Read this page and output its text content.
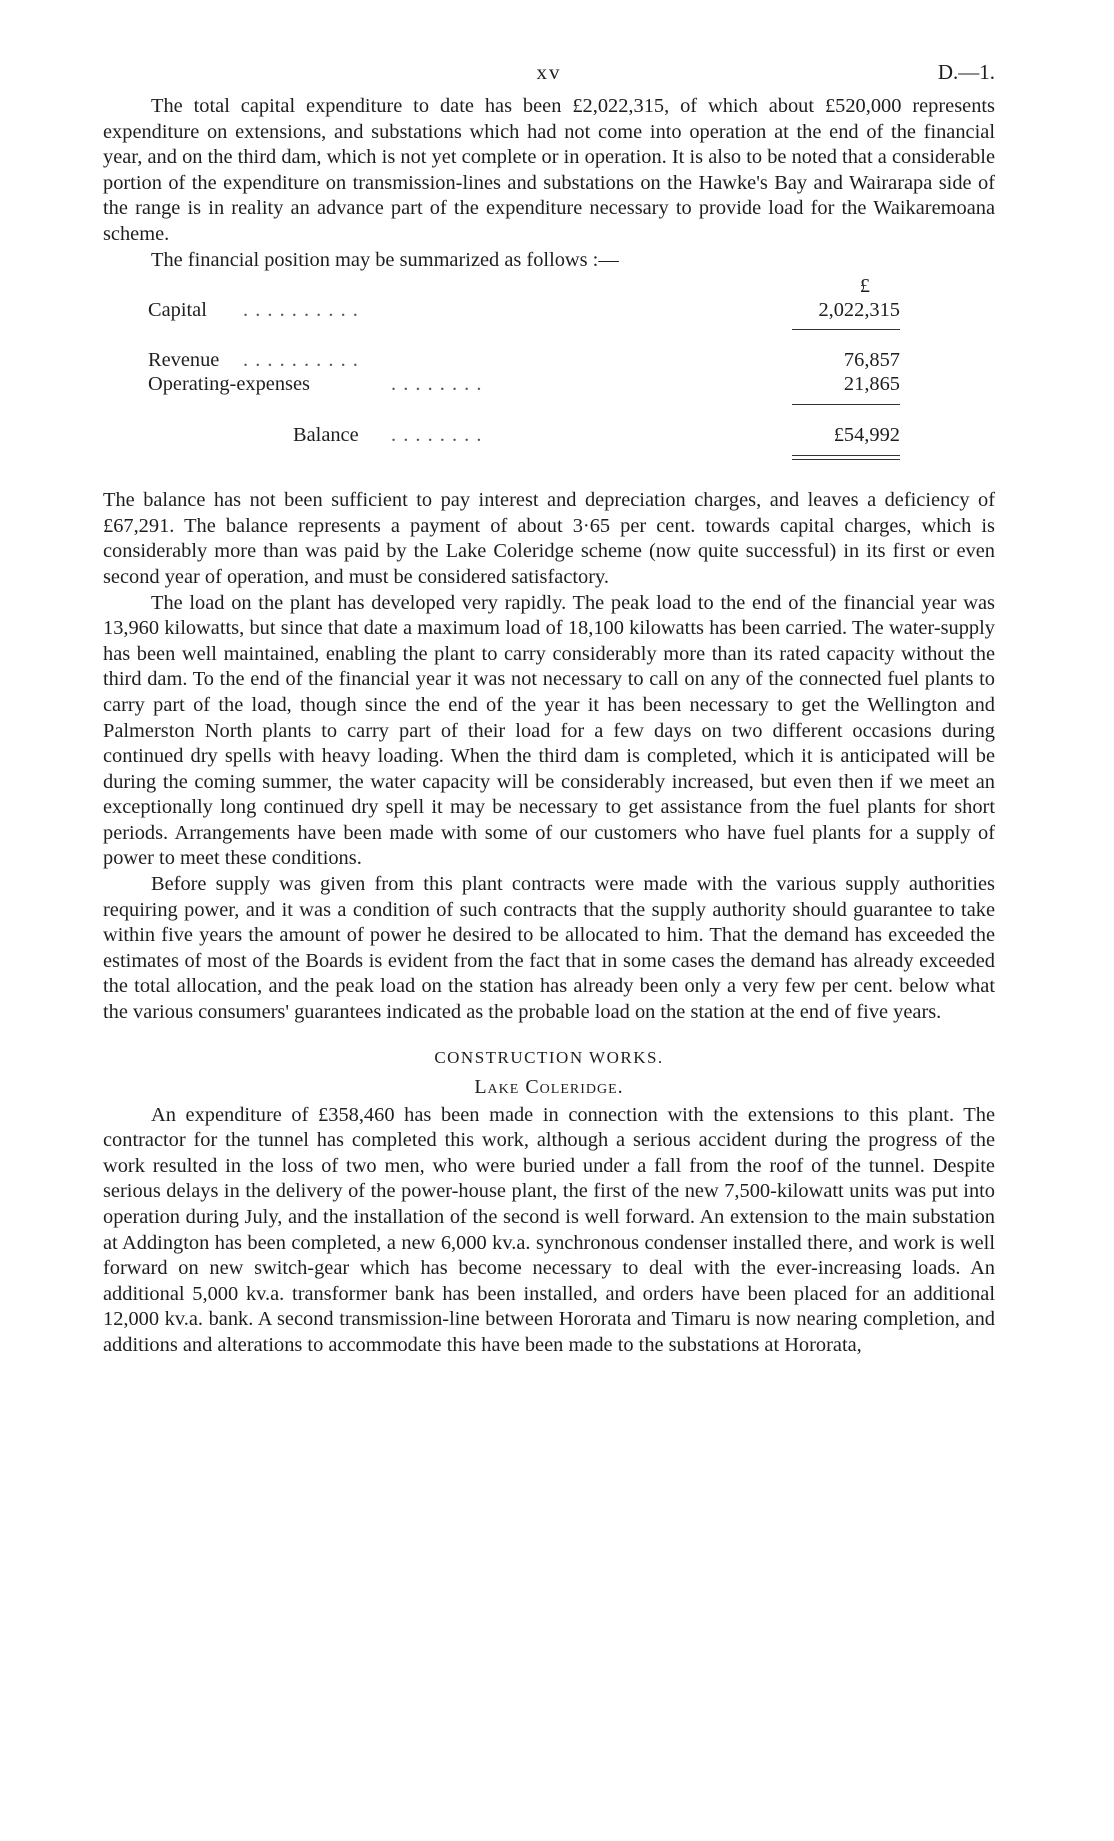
xv	D.—1.

The total capital expenditure to date has been £2,022,315, of which about £520,000 represents expenditure on extensions, and substations which had not come into operation at the end of the financial year, and on the third dam, which is not yet complete or in operation. It is also to be noted that a considerable portion of the expenditure on transmission-lines and substations on the Hawke's Bay and Wairarapa side of the range is in reality an advance part of the expenditure necessary to provide load for the Waikaremoana scheme.

The financial position may be summarized as follows :—

£
Capital . . . . . . . . . .	2,022,315
Revenue . . . . . . . . . .	76,857
Operating-expenses	. . . . . . . .	21,865
Balance . . . . . . . .	£54,992

The balance has not been sufficient to pay interest and depreciation charges, and leaves a deficiency of £67,291. The balance represents a payment of about 3·65 per cent. towards capital charges, which is considerably more than was paid by the Lake Coleridge scheme (now quite successful) in its first or even second year of operation, and must be considered satisfactory.

The load on the plant has developed very rapidly. The peak load to the end of the financial year was 13,960 kilowatts, but since that date a maximum load of 18,100 kilowatts has been carried. The water-supply has been well maintained, enabling the plant to carry considerably more than its rated capacity without the third dam. To the end of the financial year it was not necessary to call on any of the connected fuel plants to carry part of the load, though since the end of the year it has been necessary to get the Wellington and Palmerston North plants to carry part of their load for a few days on two different occasions during continued dry spells with heavy loading. When the third dam is completed, which it is anticipated will be during the coming summer, the water capacity will be considerably increased, but even then if we meet an exceptionally long continued dry spell it may be necessary to get assistance from the fuel plants for short periods. Arrangements have been made with some of our customers who have fuel plants for a supply of power to meet these conditions.

Before supply was given from this plant contracts were made with the various supply authorities requiring power, and it was a condition of such contracts that the supply authority should guarantee to take within five years the amount of power he desired to be allocated to him. That the demand has exceeded the estimates of most of the Boards is evident from the fact that in some cases the demand has already exceeded the total allocation, and the peak load on the station has already been only a very few per cent. below what the various consumers' guarantees indicated as the probable load on the station at the end of five years.

CONSTRUCTION WORKS.
Lake Coleridge.

An expenditure of £358,460 has been made in connection with the extensions to this plant. The contractor for the tunnel has completed this work, although a serious accident during the progress of the work resulted in the loss of two men, who were buried under a fall from the roof of the tunnel. Despite serious delays in the delivery of the power-house plant, the first of the new 7,500-kilowatt units was put into operation during July, and the installation of the second is well forward. An extension to the main substation at Addington has been completed, a new 6,000 kv.a. synchronous condenser installed there, and work is well forward on new switch-gear which has become necessary to deal with the ever-increasing loads. An additional 5,000 kv.a. transformer bank has been installed, and orders have been placed for an additional 12,000 kv.a. bank. A second transmission-line between Hororata and Timaru is now nearing completion, and additions and alterations to accommodate this have been made to the substations at Hororata,
